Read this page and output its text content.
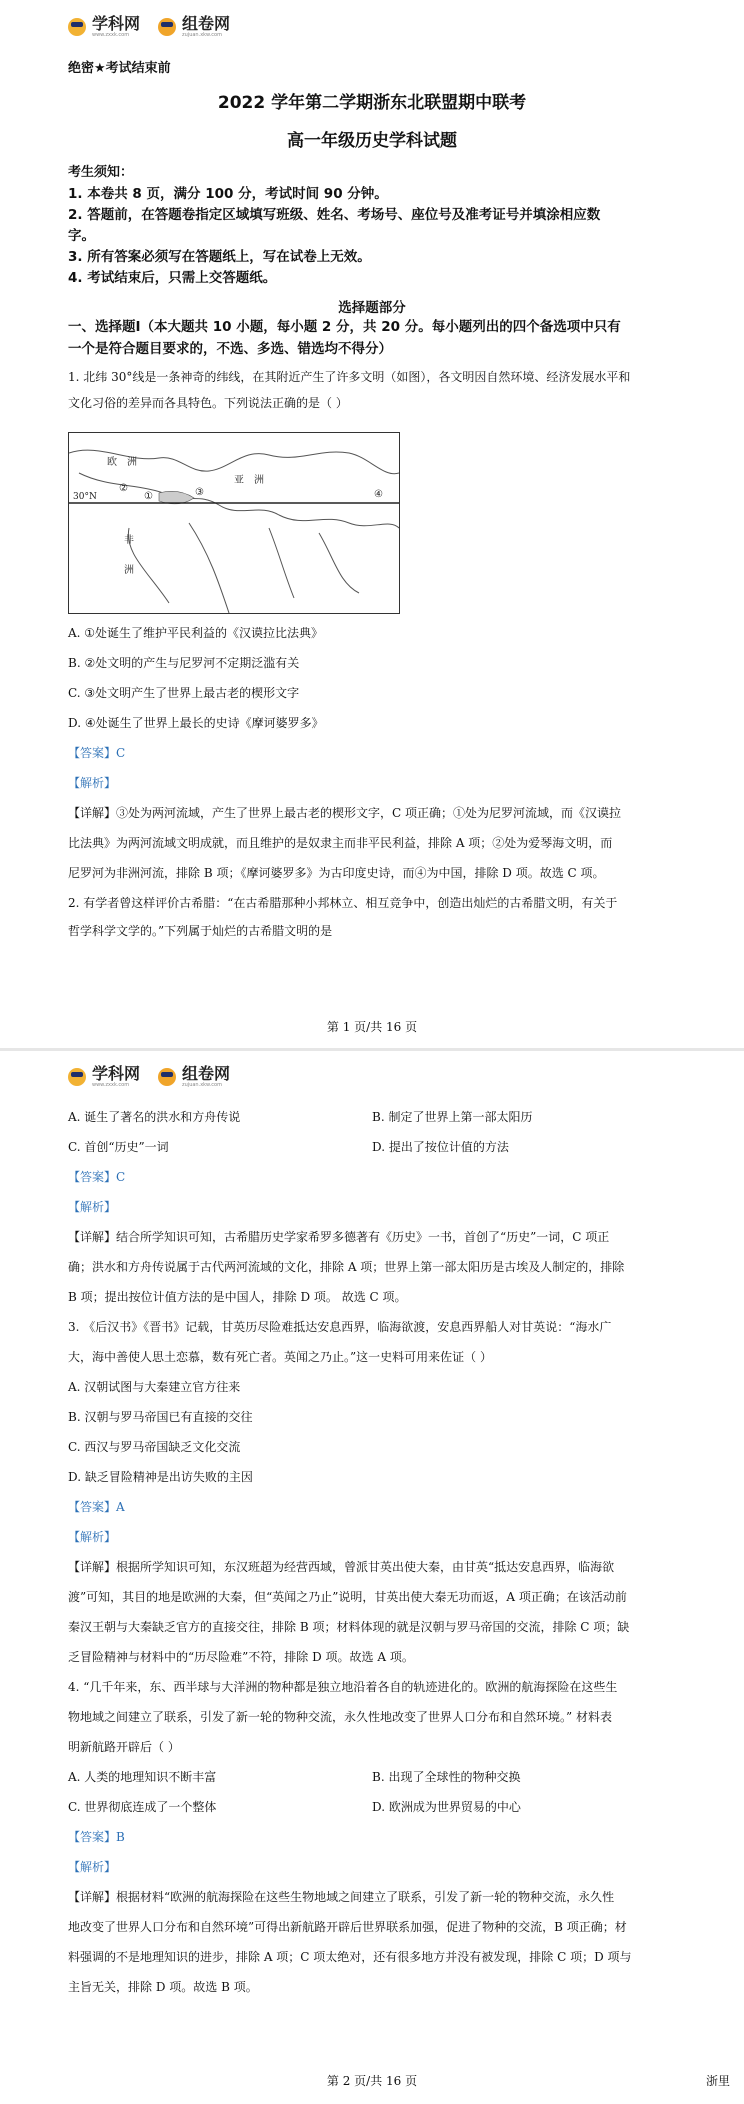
学科网
www.zxxk.com
组卷网
zujuan.xkw.com
绝密★考试结束前
2022 学年第二学期浙东北联盟期中联考
高一年级历史学科试题
考生须知：
1. 本卷共 8 页，满分 100 分，考试时间 90 分钟。
2. 答题前，在答题卷指定区域填写班级、姓名、考场号、座位号及准考证号并填涂相应数
字。
3. 所有答案必须写在答题纸上，写在试卷上无效。
4. 考试结束后，只需上交答题纸。
选择题部分
一、选择题Ⅰ（本大题共 10 小题，每小题 2 分，共 20 分。每小题列出的四个备选项中只有
一个是符合题目要求的，不选、多选、错选均不得分）
1. 北纬 30°线是一条神奇的纬线，在其附近产生了许多文明（如图），各文明因自然环境、经济发展水平和
文化习俗的差异而各具特色。下列说法正确的是（ ）
欧　洲
亚　洲
非
洲
30°N	①
②	③	④
A. ①处诞生了维护平民利益的《汉谟拉比法典》
B. ②处文明的产生与尼罗河不定期泛滥有关
C. ③处文明产生了世界上最古老的楔形文字
D. ④处诞生了世界上最长的史诗《摩诃婆罗多》
【答案】C
【解析】
【详解】③处为两河流域，产生了世界上最古老的楔形文字，C 项正确；①处为尼罗河流域，而《汉谟拉
比法典》为两河流域文明成就，而且维护的是奴隶主而非平民利益，排除 A 项；②处为爱琴海文明，而
尼罗河为非洲河流，排除 B 项；《摩诃婆罗多》为古印度史诗，而④为中国，排除 D 项。故选 C 项。
2. 有学者曾这样评价古希腊：“在古希腊那种小邦林立、相互竞争中，创造出灿烂的古希腊文明，有关于
哲学科学文学的。”下列属于灿烂的古希腊文明的是
第 1 页/共 16 页
学科网
www.zxxk.com
组卷网
zujuan.xkw.com
A. 诞生了著名的洪水和方舟传说	B. 制定了世界上第一部太阳历
C. 首创“历史”一词	D. 提出了按位计值的方法
【答案】C
【解析】
【详解】结合所学知识可知，古希腊历史学家希罗多德著有《历史》一书，首创了“历史”一词，C 项正
确；洪水和方舟传说属于古代两河流域的文化，排除 A 项；世界上第一部太阳历是古埃及人制定的，排除
B 项；提出按位计值方法的是中国人，排除 D 项。 故选 C 项。
3. 《后汉书》《晋书》记载，甘英历尽险难抵达安息西界，临海欲渡，安息西界船人对甘英说：“海水广
大，海中善使人思土恋慕，数有死亡者。英闻之乃止。”这一史料可用来佐证（ ）
A. 汉朝试图与大秦建立官方往来
B. 汉朝与罗马帝国已有直接的交往
C. 西汉与罗马帝国缺乏文化交流
D. 缺乏冒险精神是出访失败的主因
【答案】A
【解析】
【详解】根据所学知识可知，东汉班超为经营西域，曾派甘英出使大秦，由甘英“抵达安息西界，临海欲
渡”可知，其目的地是欧洲的大秦，但“英闻之乃止”说明，甘英出使大秦无功而返，A 项正确；在该活动前
秦汉王朝与大秦缺乏官方的直接交往，排除 B 项；材料体现的就是汉朝与罗马帝国的交流，排除 C 项；缺
乏冒险精神与材料中的“历尽险难”不符，排除 D 项。故选 A 项。
4. “几千年来，东、西半球与大洋洲的物种都是独立地沿着各自的轨迹进化的。欧洲的航海探险在这些生
物地域之间建立了联系，引发了新一轮的物种交流，永久性地改变了世界人口分布和自然环境。” 材料表
明新航路开辟后（ ）
A. 人类的地理知识不断丰富	B. 出现了全球性的物种交换
C. 世界彻底连成了一个整体	D. 欧洲成为世界贸易的中心
【答案】B
【解析】
【详解】根据材料“欧洲的航海探险在这些生物地域之间建立了联系，引发了新一轮的物种交流，永久性
地改变了世界人口分布和自然环境”可得出新航路开辟后世界联系加强，促进了物种的交流，B 项正确；材
料强调的不是地理知识的进步，排除 A 项；C 项太绝对，还有很多地方并没有被发现，排除 C 项；D 项与
主旨无关，排除 D 项。故选 B 项。
第 2 页/共 16 页	浙里
